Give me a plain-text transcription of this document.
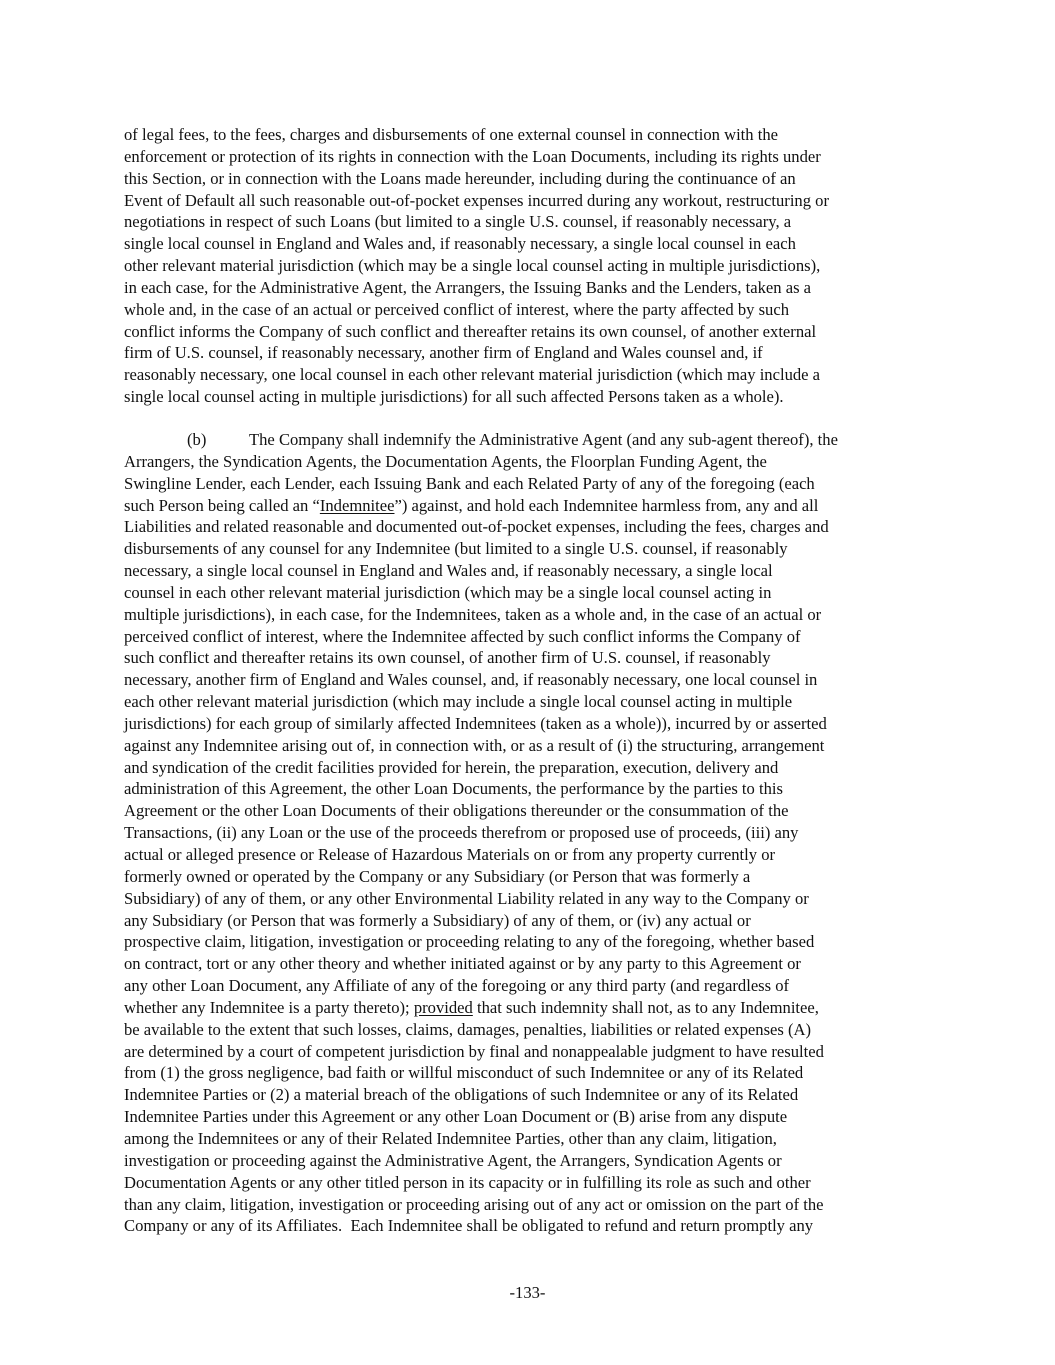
of legal fees, to the fees, charges and disbursements of one external counsel in connection with the
enforcement or protection of its rights in connection with the Loan Documents, including its rights under
this Section, or in connection with the Loans made hereunder, including during the continuance of an
Event of Default all such reasonable out-of-pocket expenses incurred during any workout, restructuring or
negotiations in respect of such Loans (but limited to a single U.S. counsel, if reasonably necessary, a
single local counsel in England and Wales and, if reasonably necessary, a single local counsel in each
other relevant material jurisdiction (which may be a single local counsel acting in multiple jurisdictions),
in each case, for the Administrative Agent, the Arrangers, the Issuing Banks and the Lenders, taken as a
whole and, in the case of an actual or perceived conflict of interest, where the party affected by such
conflict informs the Company of such conflict and thereafter retains its own counsel, of another external
firm of U.S. counsel, if reasonably necessary, another firm of England and Wales counsel and, if
reasonably necessary, one local counsel in each other relevant material jurisdiction (which may include a
single local counsel acting in multiple jurisdictions) for all such affected Persons taken as a whole).
(b)	The Company shall indemnify the Administrative Agent (and any sub-agent thereof), the
Arrangers, the Syndication Agents, the Documentation Agents, the Floorplan Funding Agent, the
Swingline Lender, each Lender, each Issuing Bank and each Related Party of any of the foregoing (each
such Person being called an “Indemnitee”) against, and hold each Indemnitee harmless from, any and all
Liabilities and related reasonable and documented out-of-pocket expenses, including the fees, charges and
disbursements of any counsel for any Indemnitee (but limited to a single U.S. counsel, if reasonably
necessary, a single local counsel in England and Wales and, if reasonably necessary, a single local
counsel in each other relevant material jurisdiction (which may be a single local counsel acting in
multiple jurisdictions), in each case, for the Indemnitees, taken as a whole and, in the case of an actual or
perceived conflict of interest, where the Indemnitee affected by such conflict informs the Company of
such conflict and thereafter retains its own counsel, of another firm of U.S. counsel, if reasonably
necessary, another firm of England and Wales counsel, and, if reasonably necessary, one local counsel in
each other relevant material jurisdiction (which may include a single local counsel acting in multiple
jurisdictions) for each group of similarly affected Indemnitees (taken as a whole)), incurred by or asserted
against any Indemnitee arising out of, in connection with, or as a result of (i) the structuring, arrangement
and syndication of the credit facilities provided for herein, the preparation, execution, delivery and
administration of this Agreement, the other Loan Documents, the performance by the parties to this
Agreement or the other Loan Documents of their obligations thereunder or the consummation of the
Transactions, (ii) any Loan or the use of the proceeds therefrom or proposed use of proceeds, (iii) any
actual or alleged presence or Release of Hazardous Materials on or from any property currently or
formerly owned or operated by the Company or any Subsidiary (or Person that was formerly a
Subsidiary) of any of them, or any other Environmental Liability related in any way to the Company or
any Subsidiary (or Person that was formerly a Subsidiary) of any of them, or (iv) any actual or
prospective claim, litigation, investigation or proceeding relating to any of the foregoing, whether based
on contract, tort or any other theory and whether initiated against or by any party to this Agreement or
any other Loan Document, any Affiliate of any of the foregoing or any third party (and regardless of
whether any Indemnitee is a party thereto); provided that such indemnity shall not, as to any Indemnitee,
be available to the extent that such losses, claims, damages, penalties, liabilities or related expenses (A)
are determined by a court of competent jurisdiction by final and nonappealable judgment to have resulted
from (1) the gross negligence, bad faith or willful misconduct of such Indemnitee or any of its Related
Indemnitee Parties or (2) a material breach of the obligations of such Indemnitee or any of its Related
Indemnitee Parties under this Agreement or any other Loan Document or (B) arise from any dispute
among the Indemnitees or any of their Related Indemnitee Parties, other than any claim, litigation,
investigation or proceeding against the Administrative Agent, the Arrangers, Syndication Agents or
Documentation Agents or any other titled person in its capacity or in fulfilling its role as such and other
than any claim, litigation, investigation or proceeding arising out of any act or omission on the part of the
Company or any of its Affiliates.  Each Indemnitee shall be obligated to refund and return promptly any
-133-
